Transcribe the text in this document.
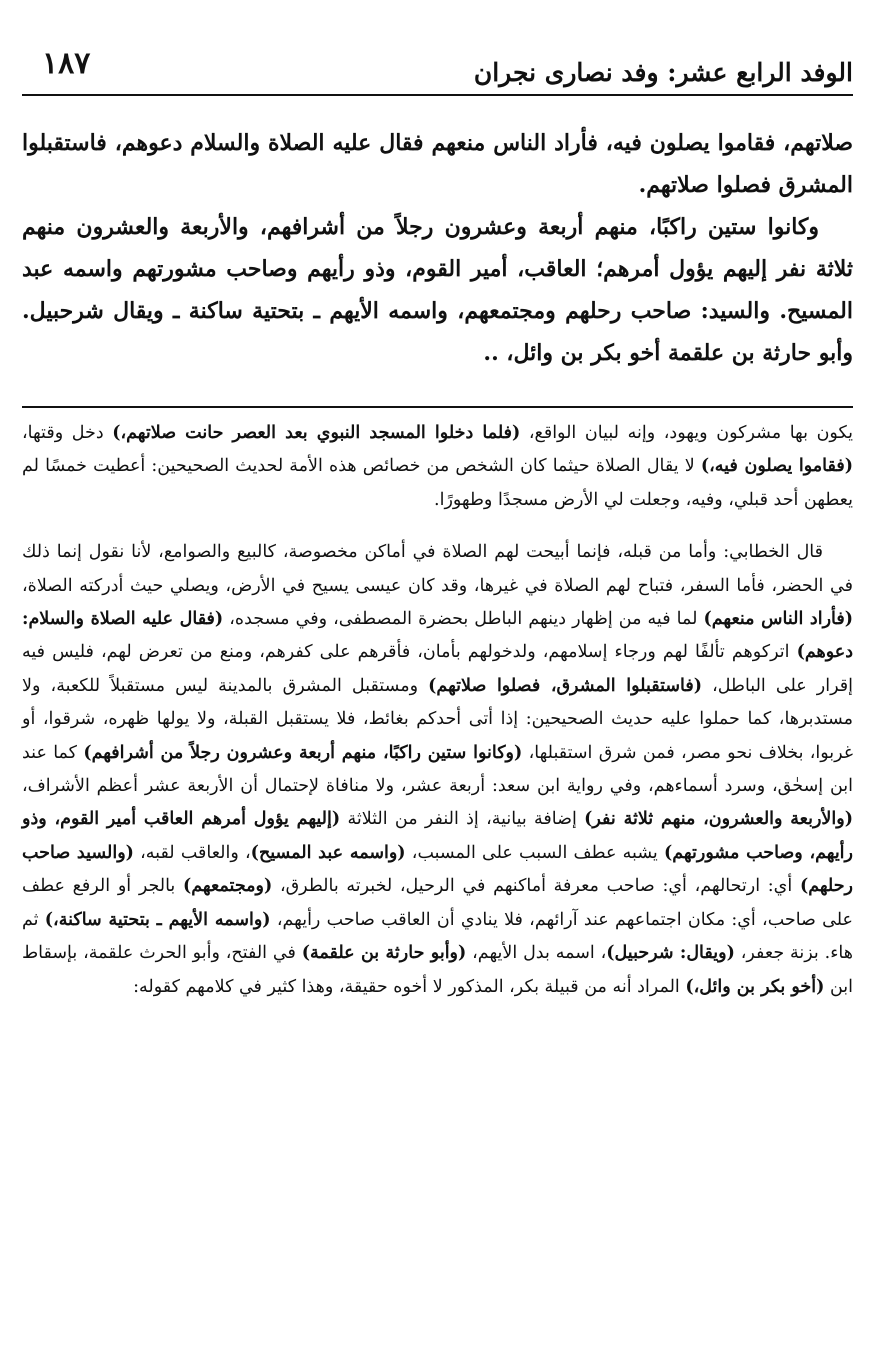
الوفد الرابع عشر: وفد نصارى نجران
١٨٧

صلاتهم، فقاموا يصلون فيه، فأراد الناس منعهم فقال عليه الصلاة والسلام دعوهم، فاستقبلوا المشرق فصلوا صلاتهم.

وكانوا ستين راكبًا، منهم أربعة وعشرون رجلاً من أشرافهم، والأربعة والعشرون منهم ثلاثة نفر إليهم يؤول أمرهم؛ العاقب، أمير القوم، وذو رأيهم وصاحب مشورتهم واسمه عبد المسيح. والسيد: صاحب رحلهم ومجتمعهم، واسمه الأيهم ـ بتحتية ساكنة ـ ويقال شرحبيل. وأبو حارثة بن علقمة أخو بكر بن وائل، ..

يكون بها مشركون ويهود، وإنه لبيان الواقع، (فلما دخلوا المسجد النبوي بعد العصر حانت صلاتهم،) دخل وقتها، (فقاموا يصلون فيه،) لا يقال الصلاة حيثما كان الشخص من خصائص هذه الأمة لحديث الصحيحين: أعطيت خمسًا لم يعطهن أحد قبلي، وفيه، وجعلت لي الأرض مسجدًا وطهورًا.

قال الخطابي: وأما من قبله، فإنما أبيحت لهم الصلاة في أماكن مخصوصة، كالبيع والصوامع، لأنا نقول إنما ذلك في الحضر، فأما السفر، فتباح لهم الصلاة في غيرها، وقد كان عيسى يسيح في الأرض، ويصلي حيث أدركته الصلاة، (فأراد الناس منعهم) لما فيه من إظهار دينهم الباطل بحضرة المصطفى، وفي مسجده، (فقال عليه الصلاة والسلام: دعوهم) اتركوهم تألفًا لهم ورجاء إسلامهم، ولدخولهم بأمان، فأقرهم على كفرهم، ومنع من تعرض لهم، فليس فيه إقرار على الباطل، (فاستقبلوا المشرق، فصلوا صلاتهم) ومستقبل المشرق بالمدينة ليس مستقبلاً للكعبة، ولا مستدبرها، كما حملوا عليه حديث الصحيحين: إذا أتى أحدكم بغائط، فلا يستقبل القبلة، ولا يولها ظهره، شرقوا، أو غربوا، بخلاف نحو مصر، فمن شرق استقبلها، (وكانوا ستين راكبًا، منهم أربعة وعشرون رجلاً من أشرافهم) كما عند ابن إسحٰق، وسرد أسماءهم، وفي رواية ابن سعد: أربعة عشر، ولا منافاة لإحتمال أن الأربعة عشر أعظم الأشراف، (والأربعة والعشرون، منهم ثلاثة نفر) إضافة بيانية، إذ النفر من الثلاثة (إليهم يؤول أمرهم العاقب أمير القوم، وذو رأيهم، وصاحب مشورتهم) يشبه عطف السبب على المسبب، (واسمه عبد المسيح)، والعاقب لقبه، (والسيد صاحب رحلهم) أي: ارتحالهم، أي: صاحب معرفة أماكنهم في الرحيل، لخبرته بالطرق، (ومجتمعهم) بالجر أو الرفع عطف على صاحب، أي: مكان اجتماعهم عند آرائهم، فلا ينادي أن العاقب صاحب رأيهم، (واسمه الأيهم ـ بتحتية ساكنة،) ثم هاء. بزنة جعفر، (ويقال: شرحبيل)، اسمه بدل الأيهم، (وأبو حارثة بن علقمة) في الفتح، وأبو الحرث علقمة، بإسقاط ابن (أخو بكر بن وائل،) المراد أنه من قبيلة بكر، المذكور لا أخوه حقيقة، وهذا كثير في كلامهم كقوله:
